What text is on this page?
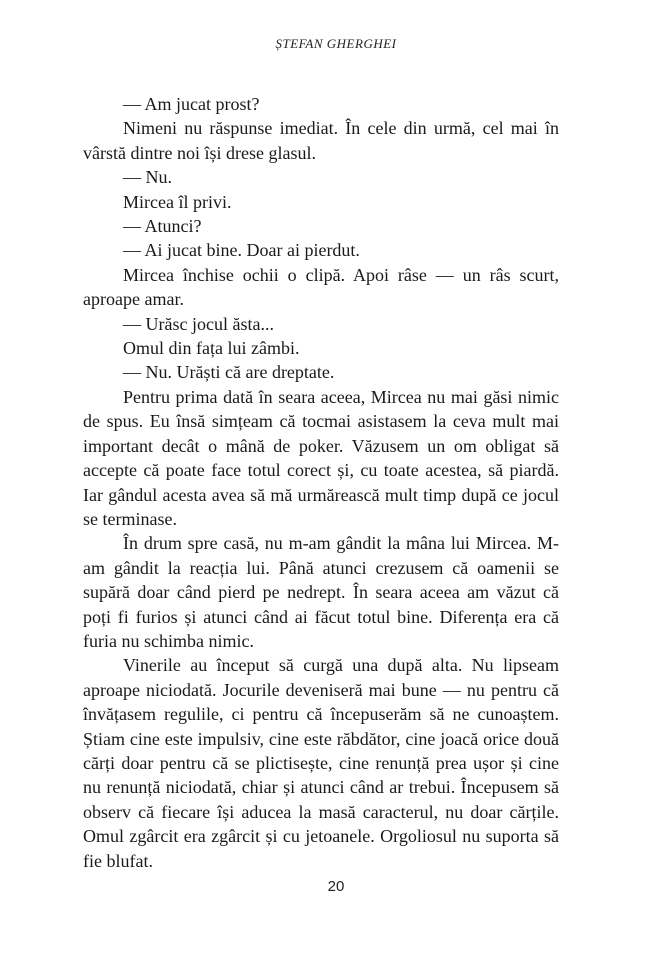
ȘTEFAN GHERGHEI

— Am jucat prost?

Nimeni nu răspunse imediat. În cele din urmă, cel mai în vârstă dintre noi își drese glasul.

— Nu.

Mircea îl privi.

— Atunci?

— Ai jucat bine. Doar ai pierdut.

Mircea închise ochii o clipă. Apoi râse — un râs scurt, aproape amar.

— Urăsc jocul ăsta...

Omul din fața lui zâmbi.

— Nu. Urăști că are dreptate.

Pentru prima dată în seara aceea, Mircea nu mai găsi nimic de spus. Eu însă simțeam că tocmai asistasem la ceva mult mai important decât o mână de poker. Văzusem un om obligat să accepte că poate face totul corect și, cu toate acestea, să piardă. Iar gândul acesta avea să mă urmărească mult timp după ce jocul se terminase.

În drum spre casă, nu m-am gândit la mâna lui Mircea. M-am gândit la reacția lui. Până atunci crezusem că oamenii se supără doar când pierd pe nedrept. În seara aceea am văzut că poți fi furios și atunci când ai făcut totul bine. Diferența era că furia nu schimba nimic.

Vinerile au început să curgă una după alta. Nu lipseam aproape niciodată. Jocurile deveniseră mai bune — nu pentru că învățasem regulile, ci pentru că începuserăm să ne cunoaștem. Știam cine este impulsiv, cine este răbdător, cine joacă orice două cărți doar pentru că se plictisește, cine renunță prea ușor și cine nu renunță niciodată, chiar și atunci când ar trebui. Începusem să observ că fiecare își aducea la masă caracterul, nu doar cărțile. Omul zgârcit era zgârcit și cu jetoanele. Orgoliosul nu suporta să fie blufat.

20
